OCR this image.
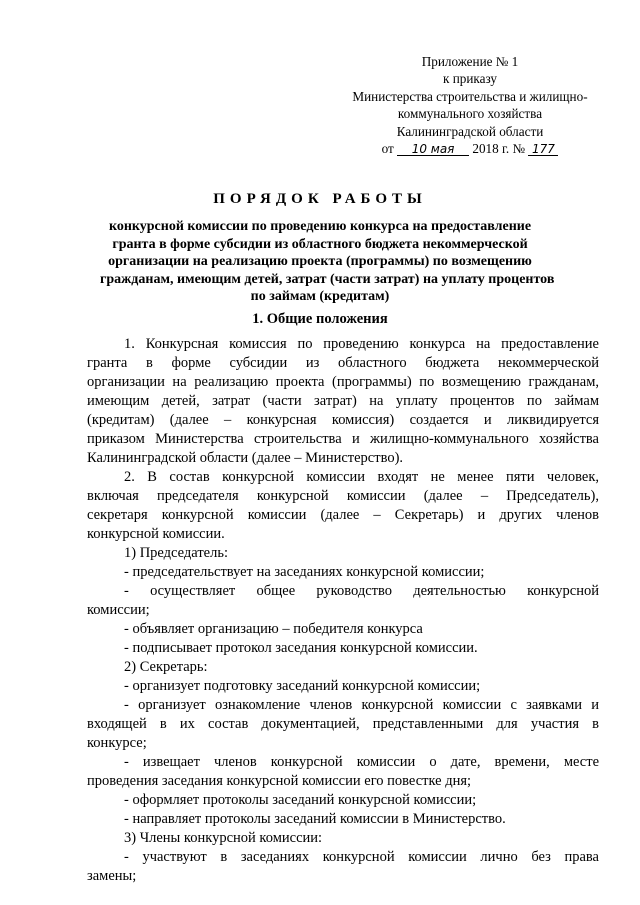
Приложение № 1
к приказу
Министерства строительства и жилищно-
коммунального хозяйства
Калининградской области
от 10 мая 2018 г. № 177
ПОРЯДОК РАБОТЫ
конкурсной комиссии по проведению конкурса на предоставление
гранта в форме субсидии из областного бюджета некоммерческой
организации на реализацию проекта (программы) по возмещению
гражданам, имеющим детей, затрат (части затрат) на уплату процентов
по займам (кредитам)
1. Общие положения
1. Конкурсная комиссия по проведению конкурса на предоставление
гранта в форме субсидии из областного бюджета некоммерческой
организации на реализацию проекта (программы) по возмещению гражданам,
имеющим детей, затрат (части затрат) на уплату процентов по займам
(кредитам) (далее – конкурсная комиссия) создается и ликвидируется
приказом Министерства строительства и жилищно-коммунального хозяйства
Калининградской области (далее – Министерство).
2. В состав конкурсной комиссии входят не менее пяти человек,
включая председателя конкурсной комиссии (далее – Председатель),
секретаря конкурсной комиссии (далее – Секретарь) и других членов
конкурсной комиссии.
1) Председатель:
- председательствует на заседаниях конкурсной комиссии;
- осуществляет общее руководство деятельностью конкурсной
комиссии;
- объявляет организацию – победителя конкурса
- подписывает протокол заседания конкурсной комиссии.
2) Секретарь:
- организует подготовку заседаний конкурсной комиссии;
- организует ознакомление членов конкурсной комиссии с заявками и
входящей в их состав документацией, представленными для участия в
конкурсе;
- извещает членов конкурсной комиссии о дате, времени, месте
проведения заседания конкурсной комиссии его повестке дня;
- оформляет протоколы заседаний конкурсной комиссии;
- направляет протоколы заседаний комиссии в Министерство.
3) Члены конкурсной комиссии:
- участвуют в заседаниях конкурсной комиссии лично без права
замены;
